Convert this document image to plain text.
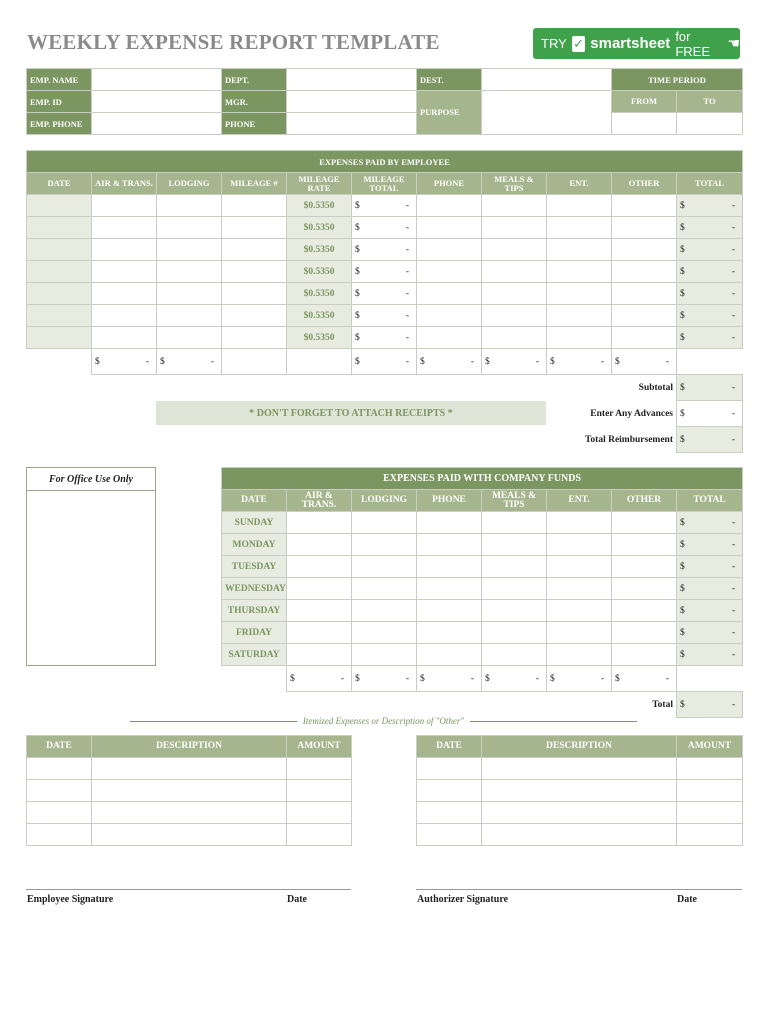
WEEKLY EXPENSE REPORT TEMPLATE	TRY ✓ smartsheet for FREE	☚
EMP. NAME		DEPT.		DEST.		TIME PERIOD	
EMP. ID		MGR.		PURPOSE		FROM	TO
EMP. PHONE		PHONE					
EXPENSES PAID BY EMPLOYEE										
DATE	AIR & TRANS.	LODGING	MILEAGE #	MILEAGE RATE	MILEAGE TOTAL	PHONE	MEALS & TIPS	ENT.	OTHER	TOTAL
				$0.5350	$ -					$ -

				$0.5350	$ -					$ -

				$0.5350	$ -					$ -

				$0.5350	$ -					$ -

				$0.5350	$ -					$ -

				$0.5350	$ -					$ -

				$0.5350	$ -					$ -

	$ -	$ -			$ -	$ -	$ -	$ -	$ -	

Subtotal										$ -

Enter Any Advances										$ -

Total Reimbursement										$ -
* DON'T FORGET TO ATTACH RECEIPTS *
For Office Use Only	EXPENSES PAID WITH COMPANY FUNDS							
DATE	AIR & TRANS.	LODGING	PHONE	MEALS & TIPS	ENT.	OTHER	TOTAL
SUNDAY							$ -

MONDAY							$ -

TUESDAY							$ -

WEDNESDAY							$ -

THURSDAY							$ -

FRIDAY							$ -

SATURDAY							$ -

	$ -	$ -	$ -	$ -	$ -	$ -	

Total							$ -
Itemized Expenses or Description of "Other"
DATE	DESCRIPTION	AMOUNT

			DATE	DESCRIPTION	AMOUNT

Employee Signature	Date	Authorizer Signature	Date
